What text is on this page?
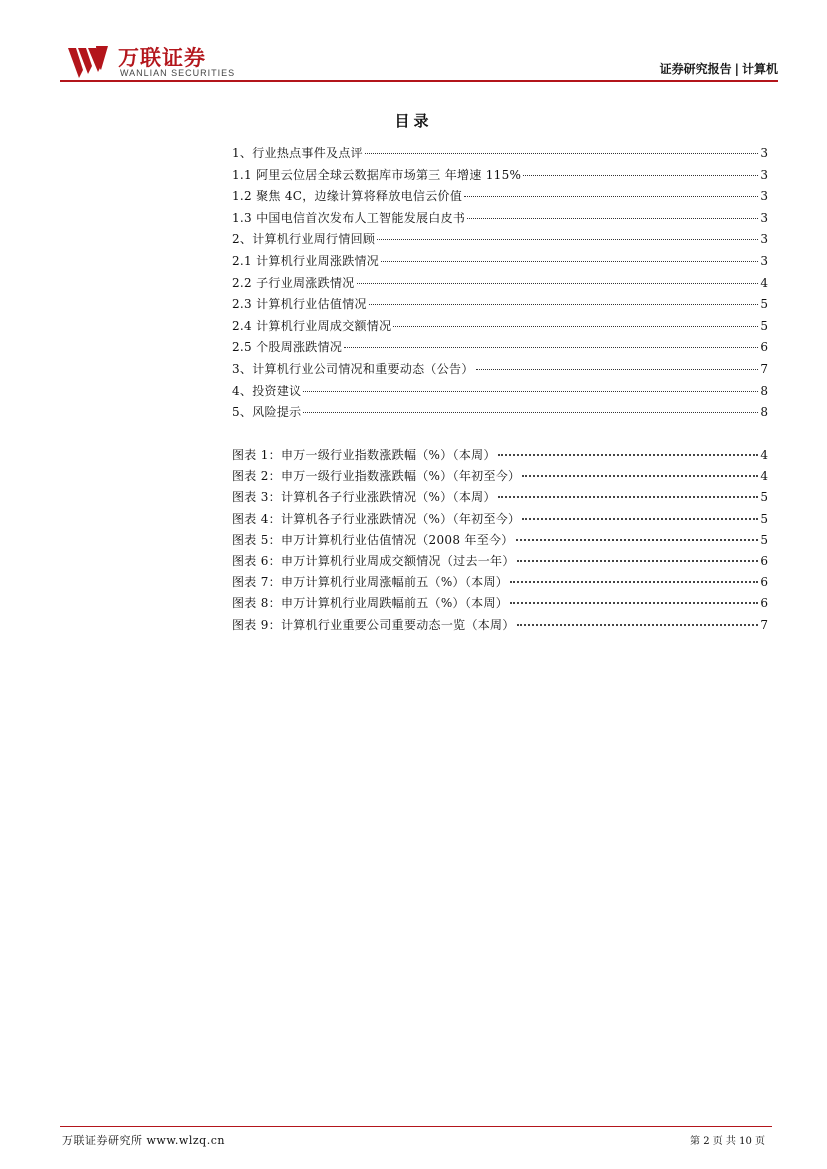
万联证券
WANLIAN SECURITIES	证券研究报告 | 计算机
目录
1、行业热点事件及点评	3
1.1 阿里云位居全球云数据库市场第三 年增速 115%	3
1.2 聚焦 4C，边缘计算将释放电信云价值	3
1.3 中国电信首次发布人工智能发展白皮书	3
2、计算机行业周行情回顾	3
2.1 计算机行业周涨跌情况	3
2.2 子行业周涨跌情况	4
2.3 计算机行业估值情况	5
2.4 计算机行业周成交额情况	5
2.5 个股周涨跌情况	6
3、计算机行业公司情况和重要动态（公告）	7
4、投资建议	8
5、风险提示	8
图表 1：申万一级行业指数涨跌幅（%）（本周）	4
图表 2：申万一级行业指数涨跌幅（%）（年初至今）	4
图表 3：计算机各子行业涨跌情况（%）（本周）	5
图表 4：计算机各子行业涨跌情况（%）（年初至今）	5
图表 5：申万计算机行业估值情况（2008 年至今）	5
图表 6：申万计算机行业周成交额情况（过去一年）	6
图表 7：申万计算机行业周涨幅前五（%）（本周）	6
图表 8：申万计算机行业周跌幅前五（%）（本周）	6
图表 9：计算机行业重要公司重要动态一览（本周）	7
万联证券研究所 www.wlzq.cn	第 2 页 共 10 页
